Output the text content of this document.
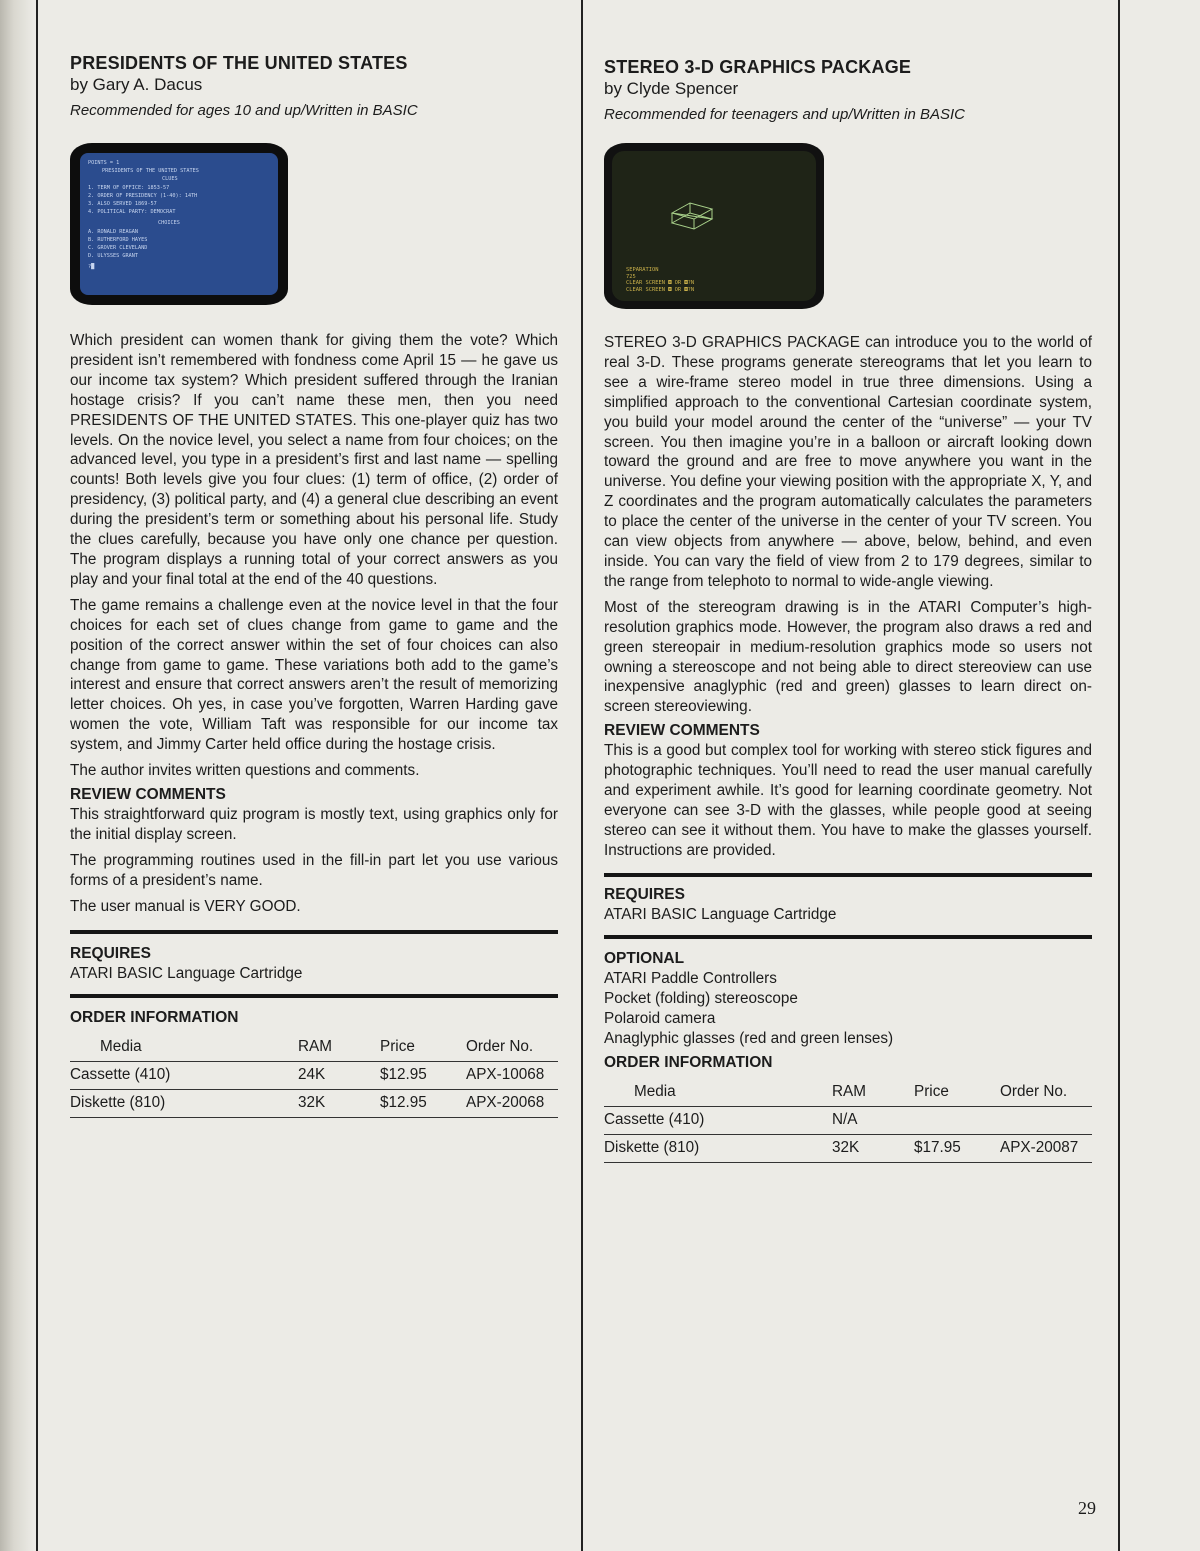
PRESIDENTS OF THE UNITED STATES

by Gary A. Dacus

Recommended for ages 10 and up/Written in BASIC

POINTS = 1
PRESIDENTS OF THE UNITED STATES
CLUES
1. TERM OF OFFICE: 1853-57
2. ORDER OF PRESIDENCY (1-40): 14TH
3. ALSO SERVED 1869-57
4. POLITICAL PARTY: DEMOCRAT
CHOICES
A. RONALD REAGAN
B. RUTHERFORD HAYES
C. GROVER CLEVELAND
D. ULYSSES GRANT
?█

Which president can women thank for giving them the vote? Which president isn’t remembered with fondness come April 15 — he gave us our income tax system? Which president suffered through the Iranian hostage crisis? If you can’t name these men, then you need PRESIDENTS OF THE UNITED STATES. This one-player quiz has two levels. On the novice level, you select a name from four choices; on the advanced level, you type in a president’s first and last name — spelling counts! Both levels give you four clues: (1) term of office, (2) order of presidency, (3) political party, and (4) a general clue describing an event during the president’s term or something about his personal life. Study the clues carefully, because you have only one chance per question. The program displays a running total of your correct answers as you play and your final total at the end of the 40 questions.

The game remains a challenge even at the novice level in that the four choices for each set of clues change from game to game and the position of the correct answer within the set of four choices can also change from game to game. These variations both add to the game’s interest and ensure that correct answers aren’t the result of memorizing letter choices. Oh yes, in case you’ve forgotten, Warren Harding gave women the vote, William Taft was responsible for our income tax system, and Jimmy Carter held office during the hostage crisis.

The author invites written questions and comments.

REVIEW COMMENTS

This straightforward quiz program is mostly text, using graphics only for the initial display screen.

The programming routines used in the fill-in part let you use various forms of a president’s name.

The user manual is VERY GOOD.

REQUIRES

ATARI BASIC Language Cartridge

ORDER INFORMATION

Media	RAM	Price	Order No.
Cassette (410)	24K	$12.95	APX-10068
Diskette (810)	32K	$12.95	APX-20068

STEREO 3-D GRAPHICS PACKAGE

by Clyde Spencer

Recommended for teenagers and up/Written in BASIC

SEPARATION
725
CLEAR SCREEN ◘ OR ◘?N
CLEAR SCREEN ◘ OR ◘?N

STEREO 3-D GRAPHICS PACKAGE can introduce you to the world of real 3-D. These programs generate stereograms that let you learn to see a wire-frame stereo model in true three dimensions. Using a simplified approach to the conventional Cartesian coordinate system, you build your model around the center of the “universe” — your TV screen. You then imagine you’re in a balloon or aircraft looking down toward the ground and are free to move anywhere you want in the universe. You define your viewing position with the appropriate X, Y, and Z coordinates and the program automatically calculates the parameters to place the center of the universe in the center of your TV screen. You can view objects from anywhere — above, below, behind, and even inside. You can vary the field of view from 2 to 179 degrees, similar to the range from telephoto to normal to wide-angle viewing.

Most of the stereogram drawing is in the ATARI Computer’s high-resolution graphics mode. However, the program also draws a red and green stereopair in medium-resolution graphics mode so users not owning a stereoscope and not being able to direct stereoview can use inexpensive anaglyphic (red and green) glasses to learn direct on-screen stereoviewing.

REVIEW COMMENTS

This is a good but complex tool for working with stereo stick figures and photographic techniques. You’ll need to read the user manual carefully and experiment awhile. It’s good for learning coordinate geometry. Not everyone can see 3-D with the glasses, while people good at seeing stereo can see it without them. You have to make the glasses yourself. Instructions are provided.

REQUIRES

ATARI BASIC Language Cartridge

OPTIONAL

ATARI Paddle Controllers

Pocket (folding) stereoscope

Polaroid camera

Anaglyphic glasses (red and green lenses)

ORDER INFORMATION

Media	RAM	Price	Order No.
Cassette (410)	N/A		
Diskette (810)	32K	$17.95	APX-20087
29
